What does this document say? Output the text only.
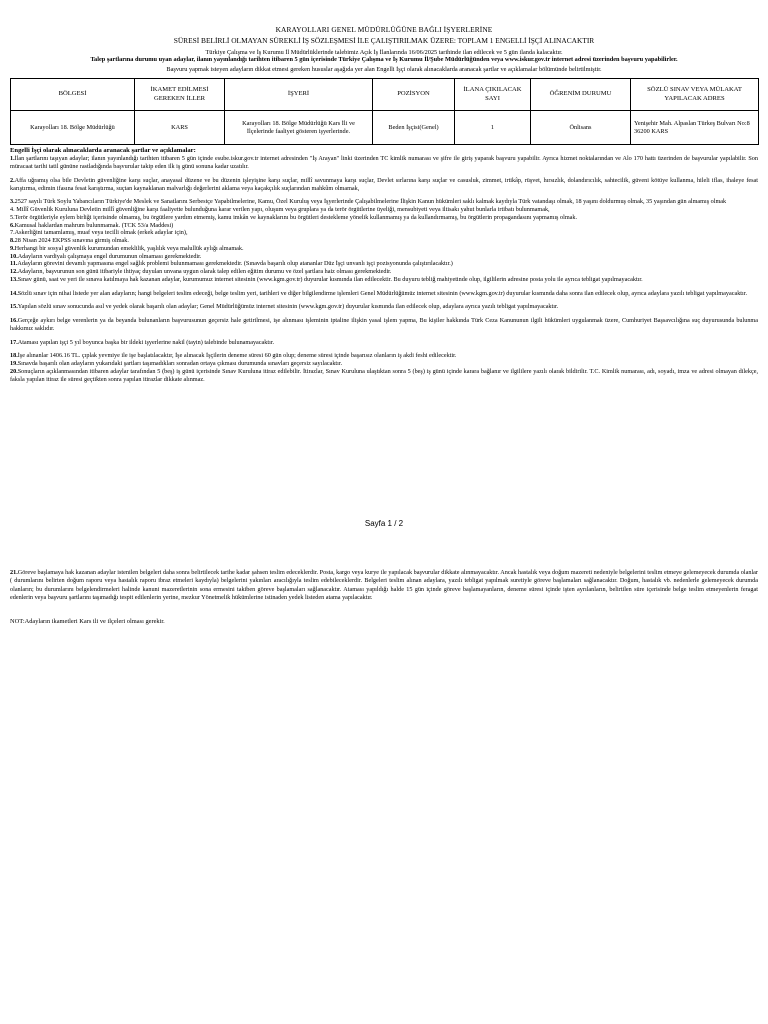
KARAYOLLARI GENEL MÜDÜRLÜĞÜNE BAĞLI İŞYERLERİNE
SÜRESİ BELİRLİ OLMAYAN SÜREKLİ İŞ SÖZLEŞMESİ İLE ÇALIŞTIRILMAK ÜZERE: TOPLAM 1 ENGELLİ İŞÇİ ALINACAKTIR
Türkiye Çalışma ve İş Kurumu İl Müdürlüklerinde talebimiz Açık İş İlanlarında 16/06/2025 tarihinde ilan edilecek ve 5 gün ilanda kalacaktır.
Talep şartlarına durumu uyan adaylar, ilanın yayınlandığı tarihten itibaren 5 gün içerisinde Türkiye Çalışma ve İş Kurumu İl/Şube Müdürlüğünden veya www.iskur.gov.tr internet adresi üzerinden başvuru yapabilirler.
Başvuru yapmak isteyen adayların dikkat etmesi gereken hususlar aşağıda yer alan Engelli İşçi olarak alınacaklarda aranacak şartlar ve açıklamalar bölümünde belirtilmiştir.
BÖLGESİ	İKAMET EDİLMESİ GEREKEN İLLER	İŞYERİ	POZİSYON	İLANA ÇIKILACAK SAYI	ÖĞRENİM DURUMU	SÖZLÜ SINAV VEYA MÜLAKAT YAPILACAK ADRES
Karayolları 18. Bölge Müdürlüğü	KARS	Karayolları 18. Bölge Müdürlüğü Kars İli ve İlçelerinde faaliyet gösteren işyerlerinde.	Beden İşçisi(Genel)	1	Önlisans	Yenişehir Mah. Alpaslan Türkeş Bulvarı No:8 36200 KARS
Engelli İşçi olarak alınacaklarda aranacak şartlar ve açıklamalar:

1.İlan şartlarını taşıyan adaylar; ilanın yayınlandığı tarihten itibaren 5 gün içinde esube.iskur.gov.tr internet adresinden "İş Arayan" linki üzerinden TC kimlik numarası ve şifre ile giriş yaparak başvuru yapabilir. Ayrıca hizmet noktalarından ve Alo 170 hattı üzerinden de başvurular yapılabilir. Son müracaat tarihi tatil gününe rastladığında başvurular takip eden ilk iş günü sonuna kadar uzatılır.

2.Affa uğramış olsa bile Devletin güvenliğine karşı suçlar, anayasal düzene ve bu düzenin işleyişine karşı suçlar, millî savunmaya karşı suçlar, Devlet sırlarına karşı suçlar ve casusluk, zimmet, irtikâp, rüşvet, hırsızlık, dolandırıcılık, sahtecilik, güveni kötüye kullanma, hileli iflas, ihaleye fesat karıştırma, edimin ifasına fesat karıştırma, suçtan kaynaklanan malvarlığı değerlerini aklama veya kaçakçılık suçlarından mahkûm olmamak,

3.2527 sayılı Türk Soylu Yabancıların Türkiye'de Meslek ve Sanatlarını Serbestçe Yapabilmelerine, Kamu, Özel Kuruluş veya İşyerlerinde Çalışabilmelerine İlişkin Kanun hükümleri saklı kalmak kaydıyla Türk vatandaşı olmak, 18 yaşını doldurmuş olmak, 35 yaşından gün almamış olmak

4. Millî Güvenlik Kuruluna Devletin millî güvenliğine karşı faaliyette bulunduğuna karar verilen yapı, oluşum veya gruplara ya da terör örgütlerine üyeliği, mensubiyeti veya iltisakı yahut bunlarla irtibatı bulunmamak,

5.Terör örgütleriyle eylem birliği içerisinde olmamış, bu örgütlere yardım etmemiş, kamu imkân ve kaynaklarını bu örgütleri destekleme yönelik kullanmamış ya da kullandırmamış, bu örgütlerin propagandasını yapmamış olmak.

6.Kamusal haklardan mahrum bulunmamak. (TCK 53/a Maddesi)

7.Askerliğini tamamlamış, muaf veya tecilli olmak (erkek adaylar için),

8.28 Nisan 2024 EKPSS sınavına girmiş olmak.

9.Herhangi bir sosyal güvenlik kurumundan emeklilik, yaşlılık veya malullük aylığı almamak.

10.Adayların vardiyalı çalışmaya engel durumunun olmaması gerekmektedir.

11.Adayların görevini devamlı yapmasına engel sağlık problemi bulunmaması gerekmektedir. (Sınavda başarılı olup atananlar Düz İşçi unvanlı işçi pozisyonunda çalıştırılacaktır.)

12.Adayların, başvurunun son günü itibariyle ihtiyaç duyulan unvana uygun olarak talep edilen eğitim durumu ve özel şartlara haiz olması gerekmektedir.

13.Sınav günü, saat ve yeri ile sınava katılmaya hak kazanan adaylar, kurumumuz internet sitesinin (www.kgm.gov.tr) duyurular kısmında ilan edilecektir. Bu duyuru tebliğ mahiyetinde olup, ilgililerin adresine posta yolu ile ayrıca tebligat yapılmayacaktır.

14.Sözlü sınav için nihai listede yer alan adayların; hangi belgeleri teslim edeceği, belge teslim yeri, tarihleri ve diğer bilgilendirme işlemleri Genel Müdürlüğümüz internet sitesinin (www.kgm.gov.tr) duyurular kısmında daha sonra ilan edilecek olup, ayrıca adaylara yazılı tebligat yapılmayacaktır.

15.Yapılan sözlü sınav sonucunda asıl ve yedek olarak başarılı olan adaylar; Genel Müdürlüğümüz internet sitesinin (www.kgm.gov.tr) duyurular kısmında ilan edilecek olup, adaylara ayrıca yazılı tebligat yapılmayacaktır.

16.Gerçeğe aykırı belge verenlerin ya da beyanda bulunanların başvurusunun geçersiz hale getirilmesi, işe alınması işleminin iptaline ilişkin yasal işlem yapma, Bu kişiler hakkında Türk Ceza Kanununun ilgili hükümleri uygulanmak üzere, Cumhuriyet Başsavcılığına suç duyurusunda bulunma hakkımız saklıdır.

17.Ataması yapılan işçi 5 yıl boyunca başka bir ildeki işyerlerine nakil (tayin) talebinde bulunamayacaktır.

18.İşe alınanlar 1406.16 TL. çıplak yevmiye ile işe başlatılacaktır, İşe alınacak İşçilerin deneme süresi 60 gün olup; deneme süresi içinde başarısız olanların iş akdi feshi edilecektir.

19.Sınavda başarılı olan adayların yukarıdaki şartları taşımadıkları sonradan ortaya çıkması durumunda sınavları geçersiz sayılacaktır.

20.Sonuçların açıklanmasından itibaren adaylar tarafından 5 (beş) iş günü içerisinde Sınav Kuruluna itiraz edilebilir. İtirazlar, Sınav Kuruluna ulaştıktan sonra 5 (beş) iş günü içinde karara bağlanır ve ilgililere yazılı olarak bildirilir. T.C. Kimlik numarası, adı, soyadı, imza ve adresi olmayan dilekçe, faksla yapılan itiraz ile süresi geçtikten sonra yapılan itirazlar dikkate alınmaz.

Sayfa 1 / 2

21.Göreve başlamaya hak kazanan adaylar istenilen belgeleri daha sonra belirtilecek tarihe kadar şahsen teslim edeceklerdir. Posta, kargo veya kurye ile yapılacak başvurular dikkate alınmayacaktır. Ancak hastalık veya doğum mazereti nedeniyle belgelerini teslim etmeye gelemeyecek durumda olanlar ( durumlarını belirten doğum raporu veya hastalık raporu ibraz etmeleri kaydıyla) belgelerini yakınları aracılığıyla teslim edebileceklerdir. Belgeleri teslim alınan adaylara, yazılı tebligat yapılmak suretiyle göreve başlamaları sağlanacaktır. Doğum, hastalık vb. nedenlerle gelemeyecek durumda olanların; bu durumlarını belgelendirmeleri halinde kanuni mazeretlerinin sona ermesini takiben göreve başlamaları sağlanacaktır. Ataması yapıldığı halde 15 gün içinde göreve başlamayanların, deneme süresi içinde işten ayrılanların, belirtilen süre içerisinde belge teslim etmeyenlerin feragat edenlerin veya başvuru şartlarını taşımadığı tespit edilenlerin yerine, mezkur Yönetmelik hükümlerine istinaden yedek listeden atama yapılacaktır.

NOT:Adayların ikametleri Kars ili ve ilçeleri olması gerekir.
